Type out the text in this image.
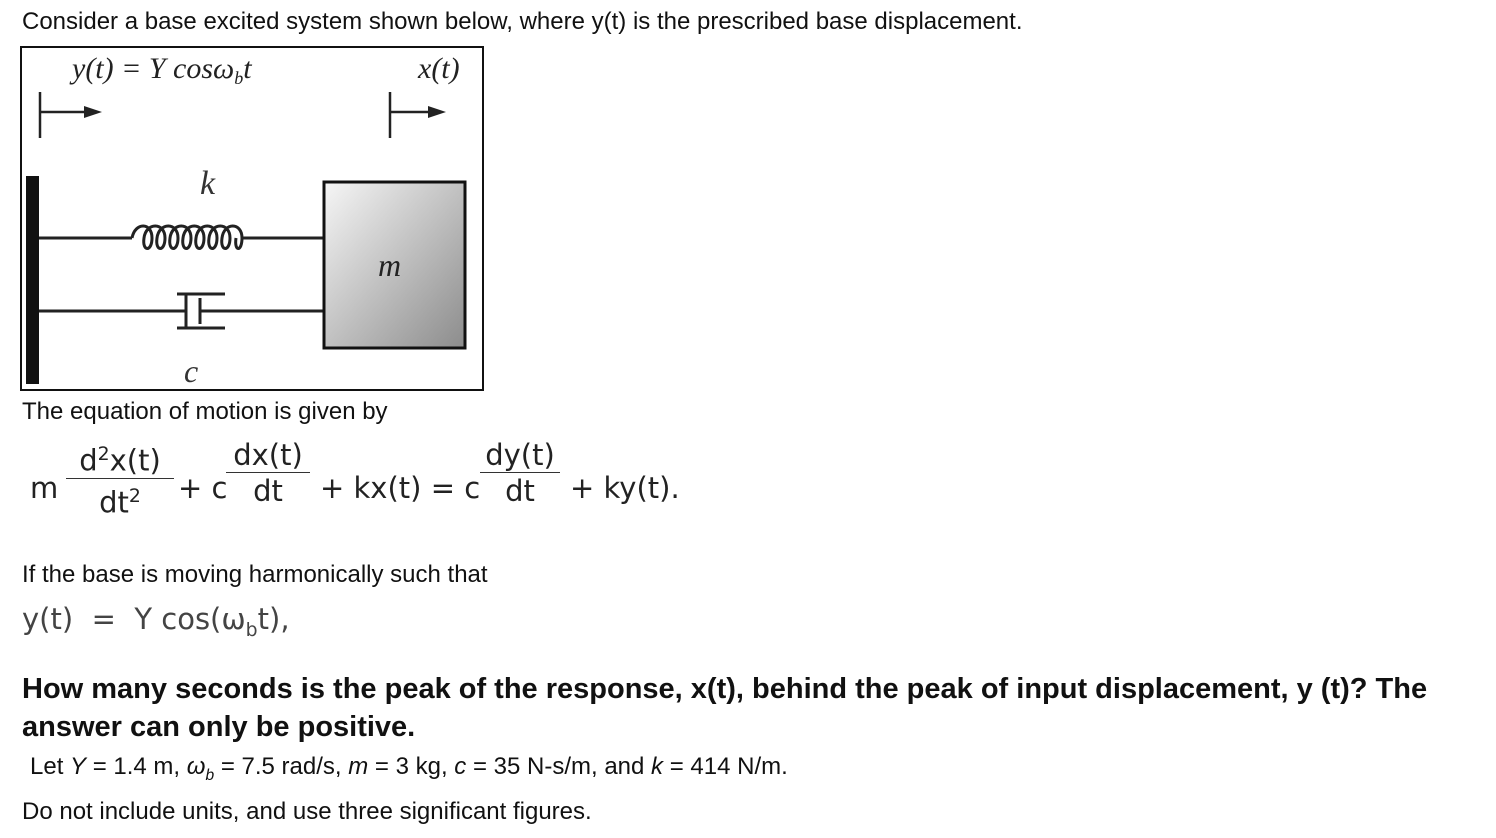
Consider a base excited system shown below, where y(t) is the prescribed base displacement.
y(t) = Y cosω$_b$t	x(t)
k
c
m
The equation of motion is given by
m
$d^2x(t)$
$dt^2$	+ c
dx(t)
dt	+ kx(t) = c
dy(t)
dt	+ ky(t).
If the base is moving harmonically such that
y(t)  =  Y $\cos(\omega_bt)$,
How many seconds is the peak of the response, x(t), behind the peak of input displacement, y (t)? The answer can only be positive.
Let Y = 1.4 m, $\omega_b = 7.5$ rad/s, m = 3 kg, c = 35 N-s/m, and k = 414 N/m.
Do not include units, and use three significant figures.
